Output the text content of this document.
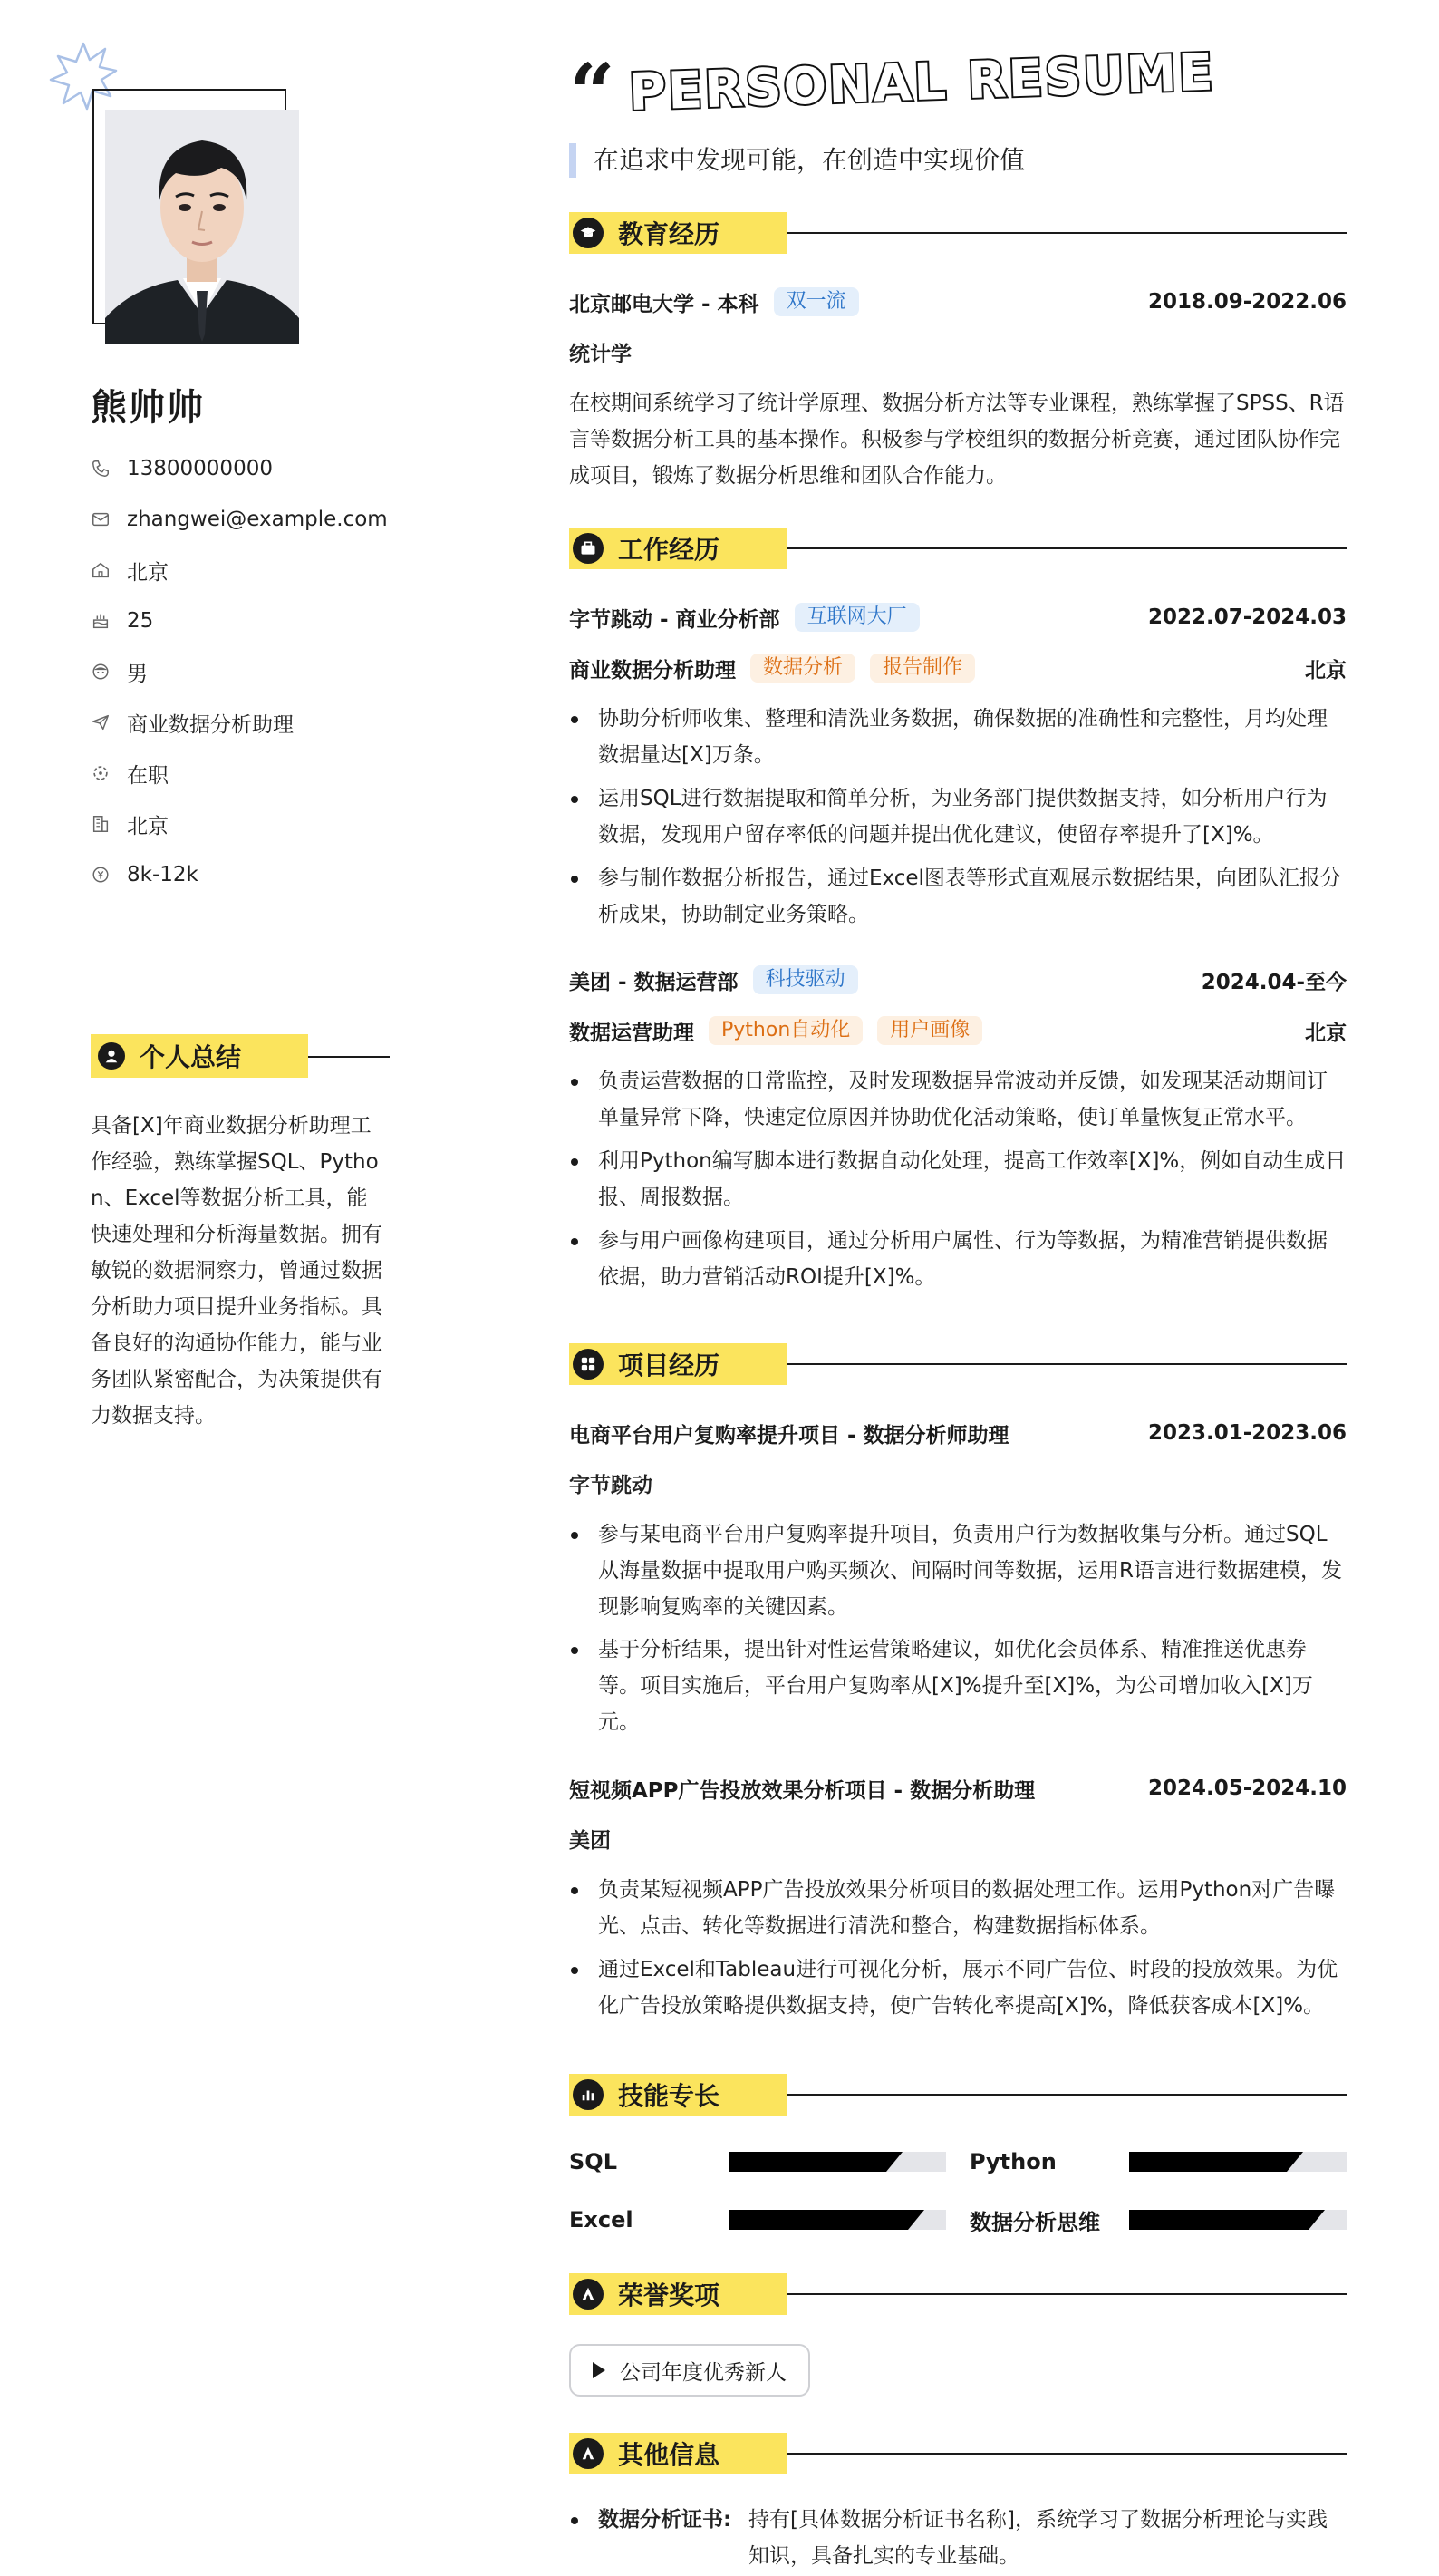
熊帅帅
13800000000
zhangwei@example.com
北京
25
男
商业数据分析助理
在职
北京
8k-12k
个人总结
具备[X]年商业数据分析助理工作经验，熟练掌握SQL、Python、Excel等数据分析工具，能快速处理和分析海量数据。拥有敏锐的数据洞察力，曾通过数据分析助力项目提升业务指标。具备良好的沟通协作能力，能与业务团队紧密配合，为决策提供有力数据支持。
“ PERSONAL RESUME
在追求中发现可能，在创造中实现价值
教育经历
北京邮电大学 - 本科	双一流	2018.09-2022.06
统计学
在校期间系统学习了统计学原理、数据分析方法等专业课程，熟练掌握了SPSS、R语言等数据分析工具的基本操作。积极参与学校组织的数据分析竞赛，通过团队协作完成项目，锻炼了数据分析思维和团队合作能力。
工作经历
字节跳动 - 商业分析部	互联网大厂	2022.07-2024.03
商业数据分析助理	数据分析	报告制作	北京
协助分析师收集、整理和清洗业务数据，确保数据的准确性和完整性，月均处理数据量达[X]万条。
运用SQL进行数据提取和简单分析，为业务部门提供数据支持，如分析用户行为数据，发现用户留存率低的问题并提出优化建议，使留存率提升了[X]%。
参与制作数据分析报告，通过Excel图表等形式直观展示数据结果，向团队汇报分析成果，协助制定业务策略。
美团 - 数据运营部	科技驱动	2024.04-至今
数据运营助理	Python自动化	用户画像	北京
负责运营数据的日常监控，及时发现数据异常波动并反馈，如发现某活动期间订单量异常下降，快速定位原因并协助优化活动策略，使订单量恢复正常水平。
利用Python编写脚本进行数据自动化处理，提高工作效率[X]%，例如自动生成日报、周报数据。
参与用户画像构建项目，通过分析用户属性、行为等数据，为精准营销提供数据依据，助力营销活动ROI提升[X]%。
项目经历
电商平台用户复购率提升项目 - 数据分析师助理	2023.01-2023.06
字节跳动
参与某电商平台用户复购率提升项目，负责用户行为数据收集与分析。通过SQL从海量数据中提取用户购买频次、间隔时间等数据，运用R语言进行数据建模，发现影响复购率的关键因素。
基于分析结果，提出针对性运营策略建议，如优化会员体系、精准推送优惠券等。项目实施后，平台用户复购率从[X]%提升至[X]%，为公司增加收入[X]万元。
短视频APP广告投放效果分析项目 - 数据分析助理	2024.05-2024.10
美团
负责某短视频APP广告投放效果分析项目的数据处理工作。运用Python对广告曝光、点击、转化等数据进行清洗和整合，构建数据指标体系。
通过Excel和Tableau进行可视化分析，展示不同广告位、时段的投放效果。为优化广告投放策略提供数据支持，使广告转化率提高[X]%，降低获客成本[X]%。
技能专长
SQL	Python
Excel	数据分析思维
荣誉奖项
公司年度优秀新人
其他信息
数据分析证书: 持有[具体数据分析证书名称]，系统学习了数据分析理论与实践知识，具备扎实的专业基础。
